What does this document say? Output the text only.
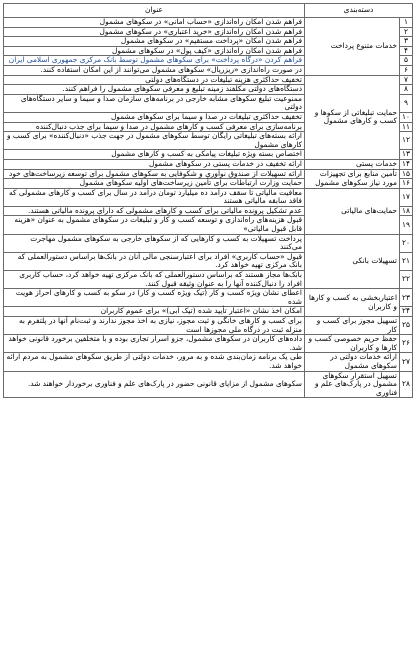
دسته‌بندی		عنوان
۱	خدمات متنوع پرداخت	فراهم شدن امکان راه‌اندازی «حساب امانی» در سکوهای مشمول
۲		فراهم شدن امکان راه‌اندازی «خرید اعتباری» در سکوهای مشمول
۳		فراهم شدن امکان «پرداخت مستقیم» در سکوهای مشمول
۴		فراهم شدن امکان راه‌اندازی «کیف پول» در سکوهای مشمول
۵		فراهم کردن «درگاه پرداخت» برای سکوهای مشمول توسط بانک مرکزی جمهوری اسلامی ایران
۶		در صورت راه‌اندازی «ریزریال» سکوهای مشمول می‌توانند از این امکان استفاده کنند.
۷	حمایت تبلیغاتی از سکوها و کسب و کارهای مشمول	تخفیف حداکثری هزینه تبلیغات در دستگاه‌های دولتی
۸		دستگاه‌های دولتی مکلفند زمینه تبلیغ و معرفی سکوهای مشمول را فراهم کنند.
۹		ممنوعیت تبلیغ سکوهای مشابه خارجی در برنامه‌های سازمان صدا و سیما و سایر دستگاه‌های دولتی
۱۰		تخفیف حداکثری تبلیغات در صدا و سیما برای سکوهای مشمول
۱۱		برنامه‌سازی برای معرفی کسب و کارهای مشمول در صدا و سیما برای جذب دنبال‌کننده
۱۲		ارائه بسته‌های تبلیغاتی رایگان توسط سکوهای مشمول در جهت جذب «دنبال‌کننده» برای کسب و کارهای مشمول
۱۳		اختصاص بسته ویژه تبلیغات پیامکی به کسب و کارهای مشمول
۱۴	خدمات پستی	ارائه تخفیف در خدمات پستی در سکوهای مشمول
۱۵	تأمین منابع برای تجهیزات مورد نیاز سکوهای مشمول	ارائه تسهیلات از صندوق نوآوری و شکوفایی به سکوهای مشمول برای توسعه زیرساخت‌های خود
۱۶		حمایت وزارت ارتباطات برای تأمین زیرساخت‌های اولیه سکوهای مشمول
۱۷	حمایت‌های مالیاتی	معافیت مالیاتی تا سقف درآمد ده میلیارد تومان درآمد در سال برای کسب و کارهای مشمولی که فاقد سابقه مالیاتی هستند
۱۸		عدم تشکیل پرونده مالیاتی برای کسب و کارهای مشمولی که دارای پرونده مالیاتی هستند.
۱۹		قبول هزینه‌های راه‌اندازی و توسعه کسب و کار و تبلیغات در سکوهای مشمول به عنوان «هزینه قابل قبول مالیاتی»
۲۰	تسهیلات بانکی	پرداخت تسهیلات به کسب و کارهایی که از سکوهای خارجی به سکوهای مشمول مهاجرت می‌کنند
۲۱		قبول «حساب کاربری» افراد برای اعتبارسنجی مالی آنان در بانک‌ها براساس دستورالعملی که بانک مرکزی تهیه خواهد کرد.
۲۲		بانک‌ها مجاز هستند که براساس دستورالعملی که بانک مرکزی تهیه خواهد کرد، حساب کاربری افراد را دنبال‌کننده آنها را به عنوان وثیقه قبول کنند.
۲۳	اعتباربخشی به کسب و کارها و کاربران	اعطای نشان ویژه کسب و کار (تیک ویژه کسب و کار) در سکو به کسب و کارهای احراز هویت شده
۲۴		امکان اخذ نشان «اعتبار تأیید شده (تیک آبی)» برای عموم کاربران
۲۵	تسهیل مجوز برای کسب و کار	برای کسب و کارهای خانگی و ثبت مجوز، نیازی به اخذ مجوز ندارند و ثبت‌نام آنها در پلتفرم به منزله ثبت در درگاه ملی مجوزها است
۲۶	حفظ حریم خصوصی کسب و کارها و کاربران	داده‌های کاربران در سکوهای مشمول، جزو اسرار تجاری بوده و با متخلفین برخورد قانونی خواهد شد.
۲۷	ارائه خدمات دولتی در سکوهای مشمول	طی یک برنامه زمان‌بندی شده و به مرور، خدمات دولتی از طریق سکوهای مشمول به مردم ارائه خواهد شد.
۲۸	تسهیل استقرار سکوهای مشمول در پارک‌های علم و فناوری	سکوهای مشمول از مزایای قانونی حضور در پارک‌های علم و فناوری برخوردار خواهند شد.
